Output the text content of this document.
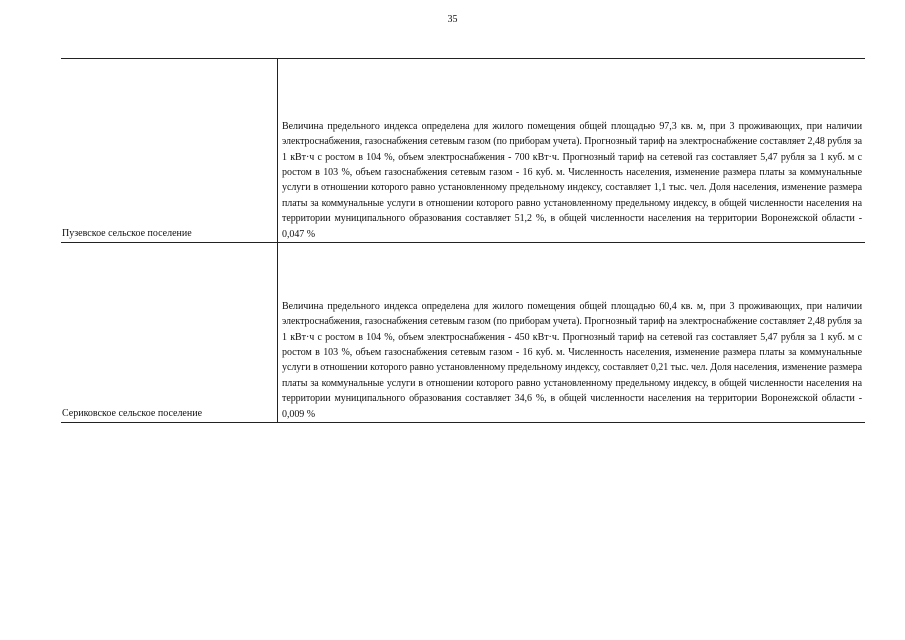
35
Пузевское сельское поселение	Величина предельного индекса определена для жилого помещения общей площадью 97,3 кв. м, при 3 проживающих, при наличии электроснабжения, газоснабжения сетевым газом (по приборам учета). Прогнозный тариф на электроснабжение составляет 2,48 рубля за 1 кВт·ч с ростом в 104 %, объем электроснабжения - 700 кВт·ч. Прогнозный тариф на сетевой газ составляет 5,47 рубля за 1 куб. м с ростом в 103 %, объем газоснабжения сетевым газом - 16 куб. м. Численность населения, изменение размера платы за коммунальные услуги в отношении которого равно установленному предельному индексу, составляет 1,1 тыс. чел. Доля населения, изменение размера платы за коммунальные услуги в отношении которого равно установленному предельному индексу, в общей численности населения на территории муниципального образования составляет 51,2 %, в общей численности населения на территории Воронежской области - 0,047 %

Сериковское сельское поселение	Величина предельного индекса определена для жилого помещения общей площадью 60,4 кв. м, при 3 проживающих, при наличии электроснабжения, газоснабжения сетевым газом (по приборам учета). Прогнозный тариф на электроснабжение составляет 2,48 рубля за 1 кВт·ч с ростом в 104 %, объем электроснабжения - 450 кВт·ч. Прогнозный тариф на сетевой газ составляет 5,47 рубля за 1 куб. м с ростом в 103 %, объем газоснабжения сетевым газом - 16 куб. м. Численность населения, изменение размера платы за коммунальные услуги в отношении которого равно установленному предельному индексу, составляет 0,21 тыс. чел. Доля населения, изменение размера платы за коммунальные услуги в отношении которого равно установленному предельному индексу, в общей численности населения на территории муниципального образования составляет 34,6 %, в общей численности населения на территории Воронежской области - 0,009 %
